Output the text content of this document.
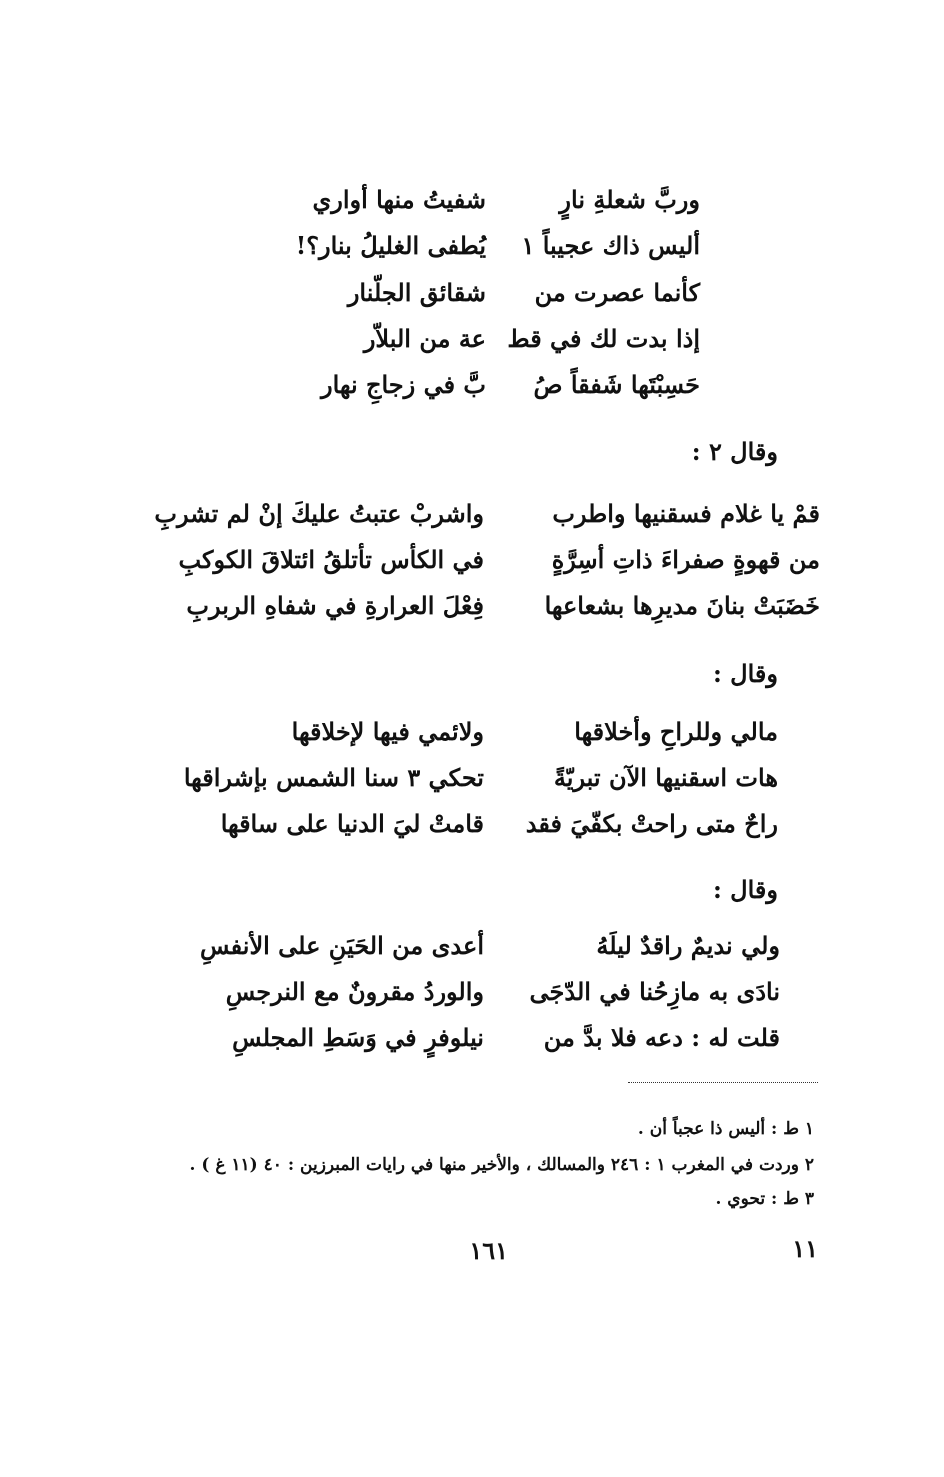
وربَّ شعلةِ نارٍ
شفيتُ منها أواري
أليس ذاك عجيباً ١
يُطفى الغليلُ بنار؟!
كأنما عصرت من
شقائق الجلّنار
إذا بدت لك في قط
عة من البلاّر
حَسِبْتَها شَفقاً صُ
بَّ في زجاجِ نهار
وقال ٢ :
قمْ يا غلام فسقنيها واطرب
واشربْ عتبتُ عليكَ إنْ لم تشربِ
من قهوةٍ صفراءَ ذاتِ أسِرَّةٍ
في الكأس تأتلقُ ائتلاقَ الكوكبِ
خَضَبَتْ بنانَ مديرِها بشعاعها
فِعْلَ العرارةِ في شفاهِ الربربِ
وقال :
مالي وللراحِ وأخلاقها
ولائمي فيها لإخلاقها
هات اسقنيها الآن تبريّةً
تحكي ٣ سنا الشمس بإشراقها
راحٌ متى راحتْ بكفّيَ فقد
قامتْ ليَ الدنيا على ساقها
وقال :
ولي نديمٌ راقدٌ ليلَهُ
أعدى من الحَيَنِ على الأنفسِ
نادَى به مازِحُنا في الدّجَى
والوردُ مقرونٌ مع النرجسِ
قلت له : دعه فلا بدَّ من
نيلوفرٍ في وَسَطِ المجلسِ
١ ط : أليس ذا عجباً أن .
٢ وردت في المغرب ١ : ٢٤٦ والمسالك ، والأخير منها في رايات المبرزين : ٤٠ (١١ غ ) .
٣ ط : تحوي .
١١
١٦١
